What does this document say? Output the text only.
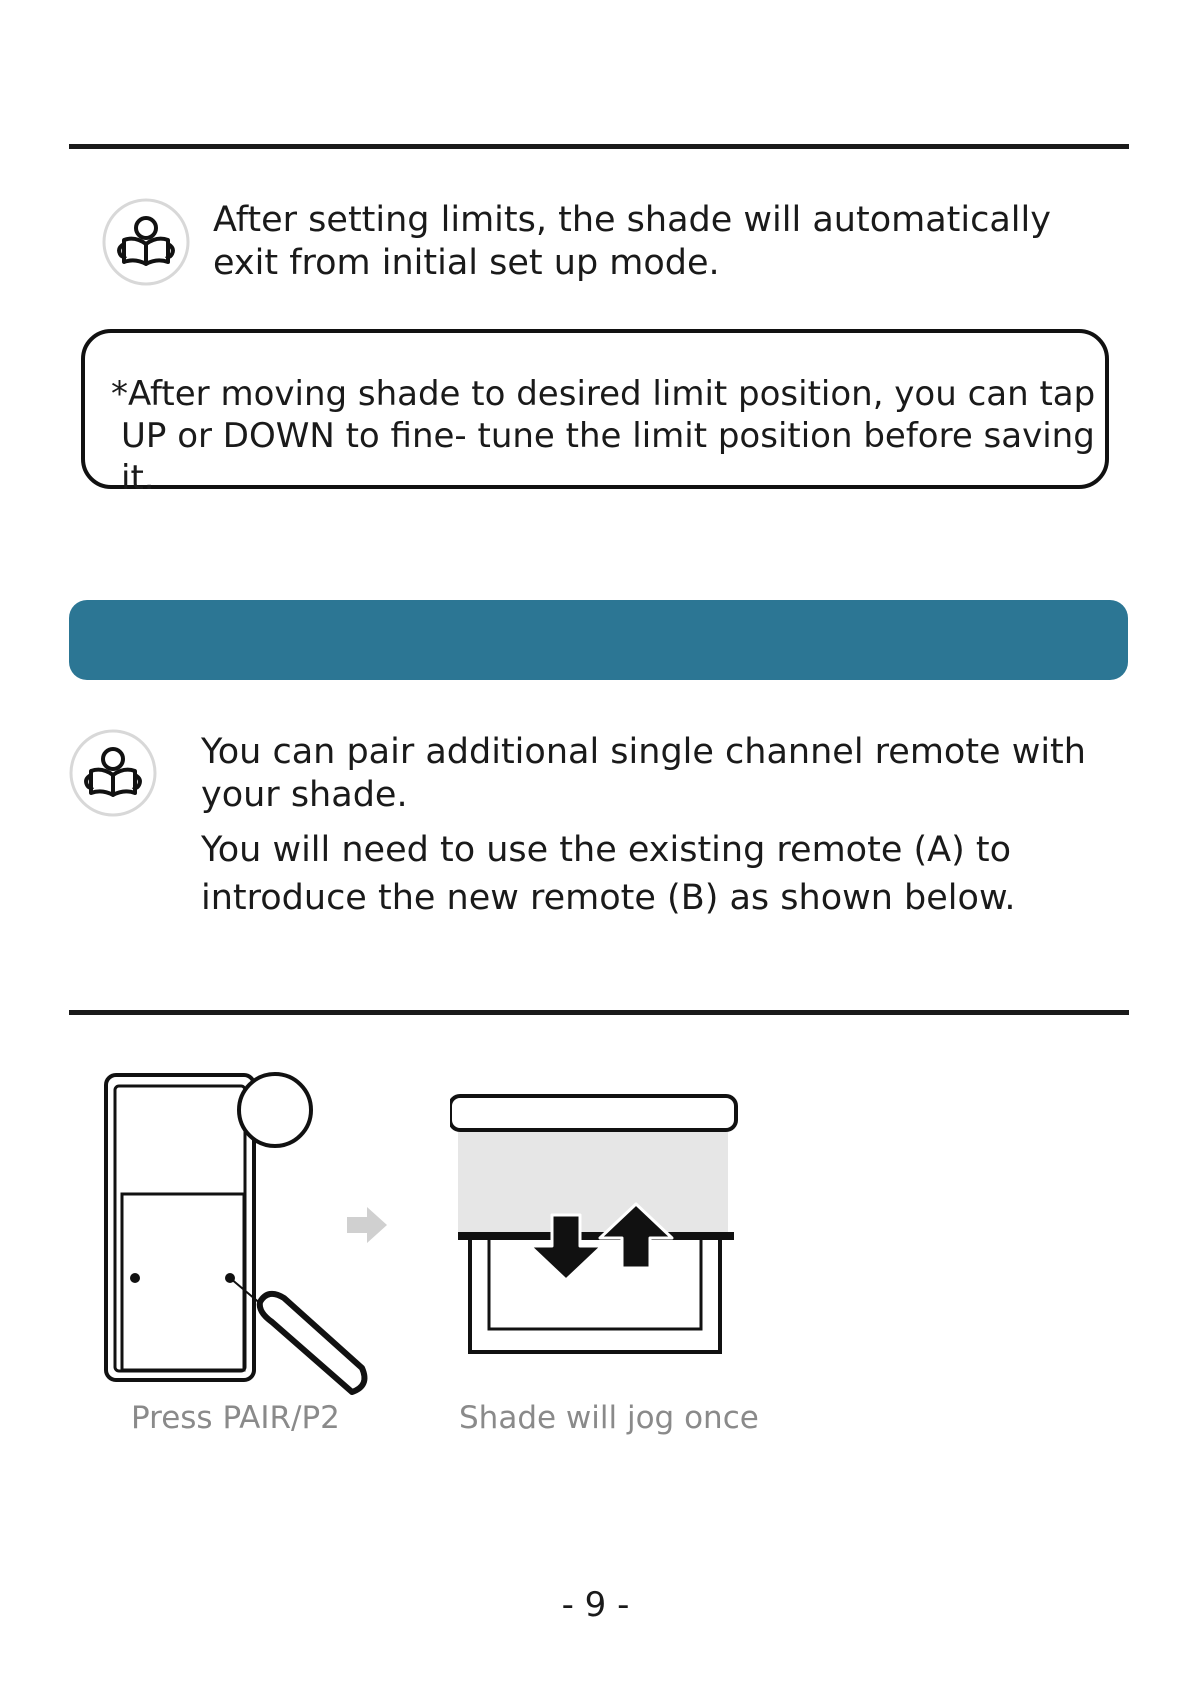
After setting limits, the shade will automatically

exit from initial set up mode.

*After moving shade to desired limit position, you can tap

UP or DOWN to fine- tune the limit position before saving it.

You can pair additional single channel remote with

your shade.

You will need to use the existing remote (A) to

introduce the new remote (B) as shown below.

Press PAIR/P2	Shade will jog once
- 9 -
